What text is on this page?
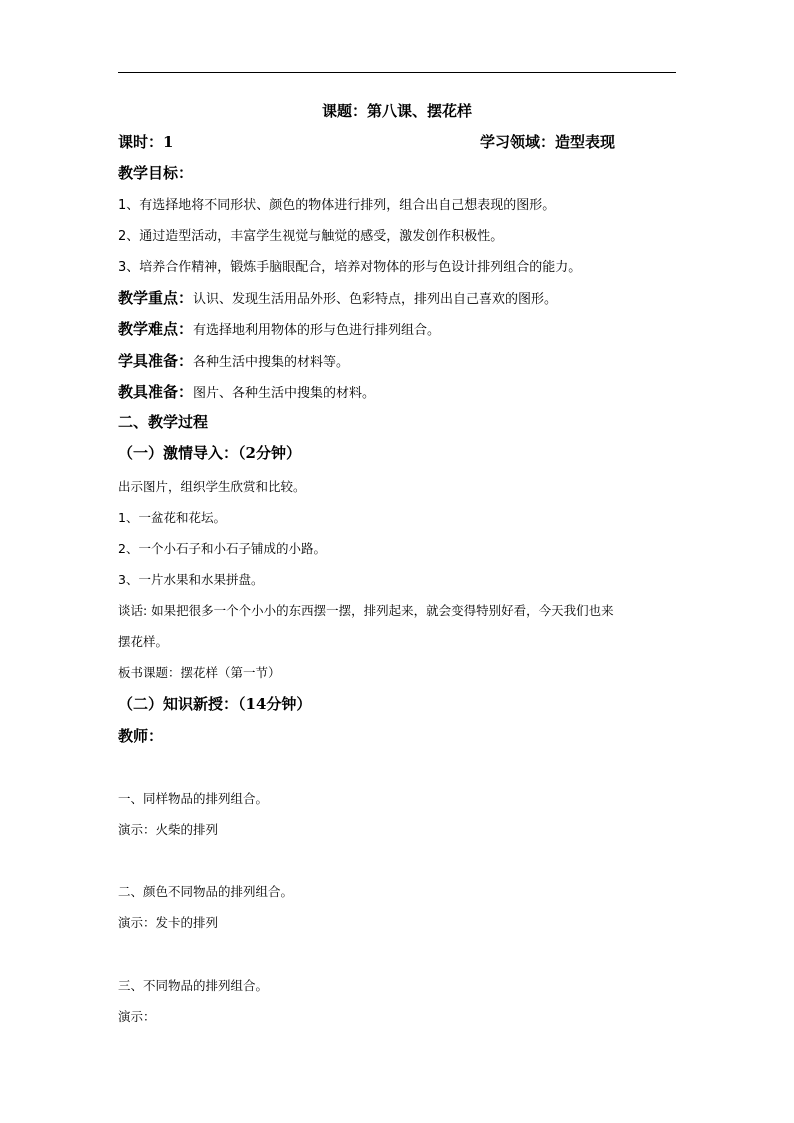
课题：第八课、摆花样
课时：1	学习领域：造型表现
教学目标：
1、有选择地将不同形状、颜色的物体进行排列，组合出自己想表现的图形。
2、通过造型活动，丰富学生视觉与触觉的感受，激发创作积极性。
3、培养合作精神，锻炼手脑眼配合，培养对物体的形与色设计排列组合的能力。
教学重点：认识、发现生活用品外形、色彩特点，排列出自己喜欢的图形。
教学难点：有选择地利用物体的形与色进行排列组合。
学具准备：各种生活中搜集的材料等。
教具准备：图片、各种生活中搜集的材料。
二、教学过程
（一）激情导入：（2分钟）
出示图片，组织学生欣赏和比较。
1、一盆花和花坛。
2、一个小石子和小石子铺成的小路。
3、一片水果和水果拼盘。
谈话: 如果把很多一个个小小的东西摆一摆，排列起来，就会变得特别好看，今天我们也来
摆花样。
板书课题：摆花样（第一节）
（二）知识新授：（14分钟）
教师：
一、同样物品的排列组合。
演示：火柴的排列
二、颜色不同物品的排列组合。
演示：发卡的排列
三、不同物品的排列组合。
演示：
